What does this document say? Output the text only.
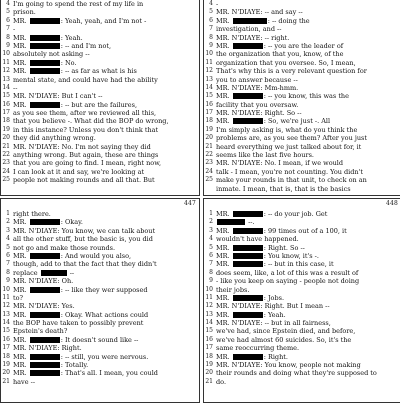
4 I'm going to spend the rest of my life in
5 prison.
6 MR.	: Yeah, yeah, and I'm not -
7 -
8 MR.	: Yeah.
9 MR.	: -- and I'm not,
10 absolutely not asking --
11 MR.	: No.
12 MR.	: -- as far as what is his
13 mental state, and could have had the ability
14 --
15 MR. N'DIAYE: But I can't --
16 MR.	: -- but are the failures,
17 as you see them, after we reviewed all this,
18 that you believe -. What did the BOP do wrong,
19 in this instance? Unless you don't think that
20 they did anything wrong.
21 MR. N'DIAYE: No. I'm not saying they did
22 anything wrong. But again, these are things
23 that you are going to find. I mean, right now,
24 I can look at it and say, we're looking at
25 people not making rounds and all that. But
4 -
5 MR. N'DIAYE: -- and say --
6 MR.	: -- doing the
7 investigation, and --
8 MR. N'DIAYE: -- right.
9 MR.	: -- you are the leader of
10 the organization that you, know, of the
11 organization that you oversee. So, I mean,
12 That's why this is a very relevant question for
13 you to answer because --
14 MR. N'DIAYE: Mm-hmm.
15 MR.	: -- you know, this was the
16 facility that you oversaw.
17 MR. N'DIAYE: Right. So --
18 MR.	: So, we're just -. All
19 I'm simply asking is, what do you think the
20 problems are, as you see them? After you just
21 heard everything we just talked about for, it
22 seems like the last five hours.
23 MR. N'DIAYE: No. I mean, if we would
24 talk - I mean, you're not counting. You didn't
25 make your rounds in that unit, to check on an
inmate. I mean, that is, that is the basics
447
1 right there.
2 MR.	: Okay.
3 MR. N'DIAYE: You know, we can talk about
4 all the other stuff, but the basic is, you did
5 not go and make those rounds.
6 MR.	: And would you also,
7 though, add to that the fact that they didn't
8 replace	--
9 MR. N'DIAYE: Oh.
10 MR.	: -- like they wer supposed
11 to?
12 MR. N'DIAYE: Yes.
13 MR.	: Okay. What actions could
14 the BOP have taken to possibly prevent
15 Epstein's death?
16 MR.	: It doesn't sound like --
17 MR. N'DIAYE: Right.
18 MR.	: -- still, you were nervous.
19 MR.	: Totally.
20 MR.	: That's all. I mean, you could
21 have --
448
1 MR.	: -- do your job. Get
2	--.
3 MR.	: 99 times out of a 100, it
4 wouldn't have happened.
5 MR.	: Right. So --
6 MR.	: You know, it's -.
7 MR.	: -- but in this case, it
8 does seem, like, a lot of this was a result of
9 - like you keep on saying - people not doing
10 their jobs.
11 MR.	: Jobs.
12 MR. N'DIAYE: Right. But I mean --
13 MR.	: Yeah.
14 MR. N'DIAYE: -- but in all fairness,
15 we've had, since Epstein died, and before,
16 we've had almost 60 suicides. So, it's the
17 same reoccurring theme.
18 MR.	: Right.
19 MR. N'DIAYE: You know, people not making
20 their rounds and doing what they're supposed to
21 do.
